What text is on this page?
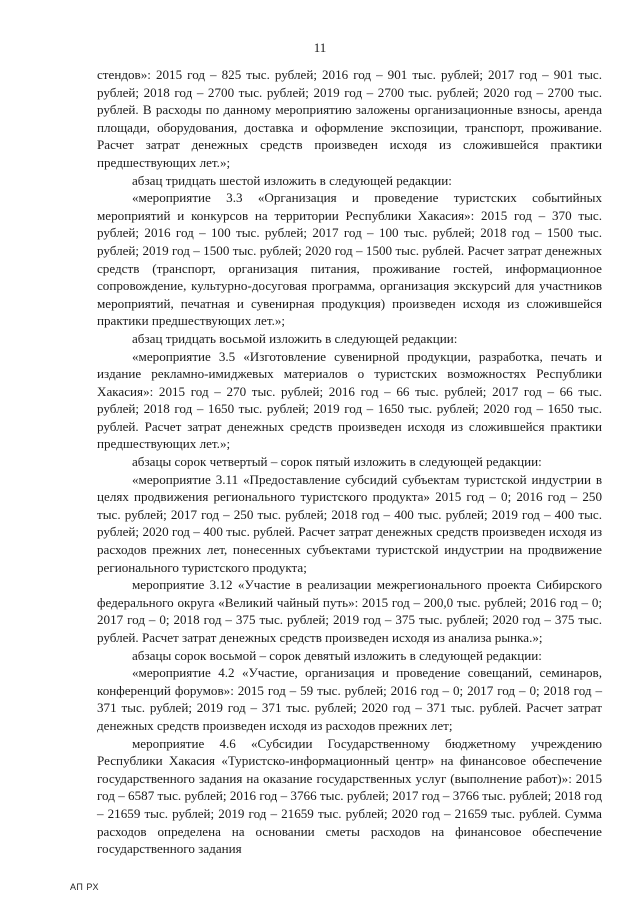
11

стендов»: 2015 год – 825 тыс. рублей; 2016 год – 901 тыс. рублей; 2017 год – 901 тыс. рублей; 2018 год – 2700 тыс. рублей; 2019 год – 2700 тыс. рублей; 2020 год – 2700 тыс. рублей. В расходы по данному мероприятию заложены организационные взносы, аренда площади, оборудования, доставка и оформление экспозиции, транспорт, проживание. Расчет затрат денежных средств произведен исходя из сложившейся практики предшествующих лет.»;

абзац тридцать шестой изложить в следующей редакции:

«мероприятие 3.3 «Организация и проведение туристских событийных мероприятий и конкурсов на территории Республики Хакасия»: 2015 год – 370 тыс. рублей; 2016 год – 100 тыс. рублей; 2017 год – 100 тыс. рублей; 2018 год – 1500 тыс. рублей; 2019 год – 1500 тыс. рублей; 2020 год – 1500 тыс. рублей. Расчет затрат денежных средств (транспорт, организация питания, проживание гостей, информационное сопровождение, культурно-досуговая программа, организация экскурсий для участников мероприятий, печатная и сувенирная продукция) произведен исходя из сложившейся практики предшествующих лет.»;

абзац тридцать восьмой изложить в следующей редакции:

«мероприятие 3.5 «Изготовление сувенирной продукции, разработка, печать и издание рекламно-имиджевых материалов о туристских возможностях Республики Хакасия»: 2015 год – 270 тыс. рублей; 2016 год – 66 тыс. рублей; 2017 год – 66 тыс. рублей; 2018 год – 1650 тыс. рублей; 2019 год – 1650 тыс. рублей; 2020 год – 1650 тыс. рублей. Расчет затрат денежных средств произведен исходя из сложившейся практики предшествующих лет.»;

абзацы сорок четвертый – сорок пятый изложить в следующей редакции:

«мероприятие 3.11 «Предоставление субсидий субъектам туристской индустрии в целях продвижения регионального туристского продукта» 2015 год – 0; 2016 год – 250 тыс. рублей; 2017 год – 250 тыс. рублей; 2018 год – 400 тыс. рублей; 2019 год – 400 тыс. рублей; 2020 год – 400 тыс. рублей. Расчет затрат денежных средств произведен исходя из расходов прежних лет, понесенных субъектами туристской индустрии на продвижение регионального туристского продукта;

мероприятие 3.12 «Участие в реализации межрегионального проекта Сибирского федерального округа «Великий чайный путь»: 2015 год – 200,0 тыс. рублей; 2016 год – 0; 2017 год – 0; 2018 год – 375 тыс. рублей; 2019 год – 375 тыс. рублей; 2020 год – 375 тыс. рублей. Расчет затрат денежных средств произведен исходя из анализа рынка.»;

абзацы сорок восьмой – сорок девятый изложить в следующей редакции:

«мероприятие 4.2 «Участие, организация и проведение совещаний, семинаров, конференций форумов»: 2015 год – 59 тыс. рублей; 2016 год – 0; 2017 год – 0; 2018 год – 371 тыс. рублей; 2019 год – 371 тыс. рублей; 2020 год – 371 тыс. рублей. Расчет затрат денежных средств произведен исходя из расходов прежних лет;

мероприятие 4.6 «Субсидии Государственному бюджетному учреждению Республики Хакасия «Туристско-информационный центр» на финансовое обеспечение государственного задания на оказание государственных услуг (выполнение работ)»: 2015 год – 6587 тыс. рублей; 2016 год – 3766 тыс. рублей; 2017 год – 3766 тыс. рублей; 2018 год – 21659 тыс. рублей; 2019 год – 21659 тыс. рублей; 2020 год – 21659 тыс. рублей. Сумма расходов определена на основании сметы расходов на финансовое обеспечение государственного задания

АП РХ
